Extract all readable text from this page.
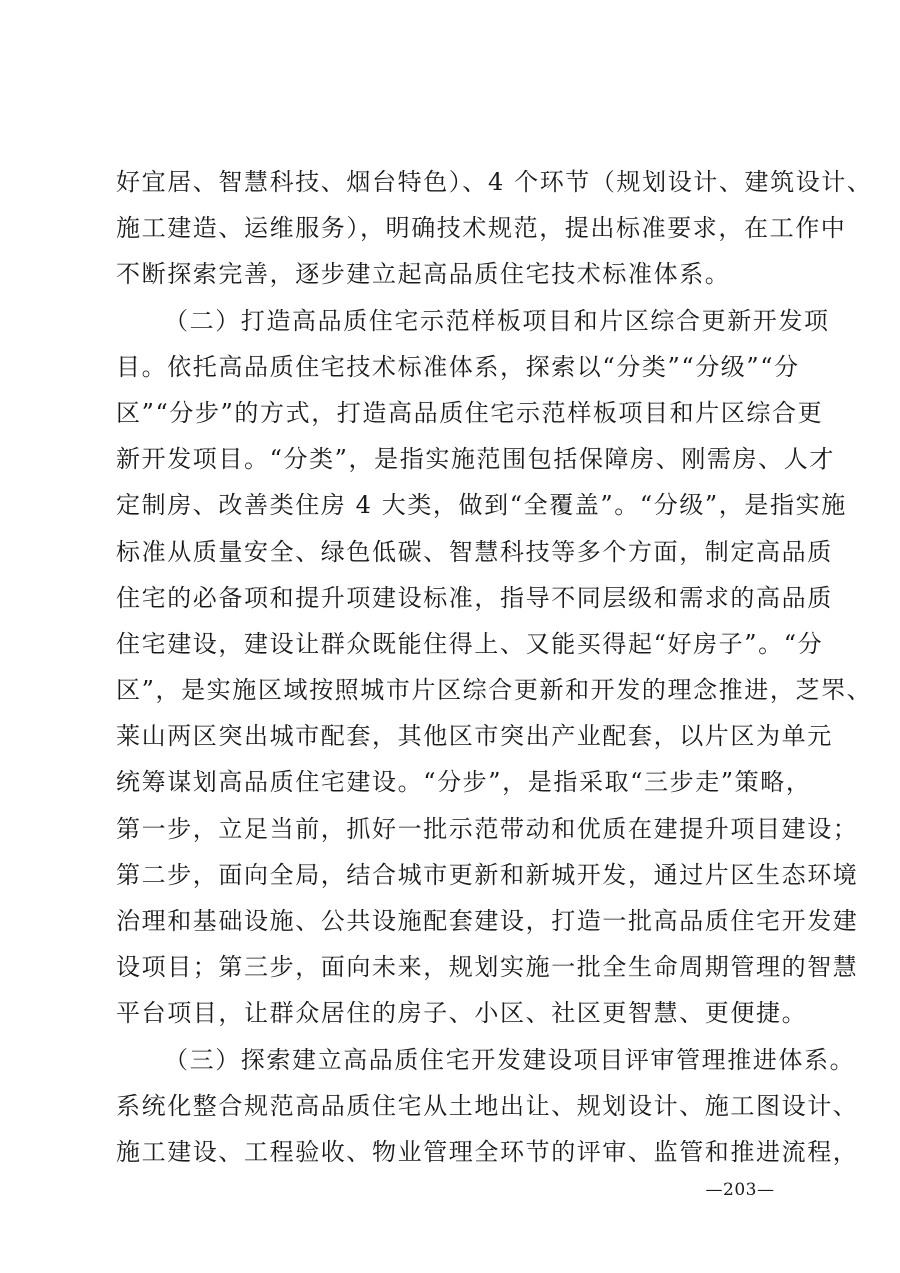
好宜居、智慧科技、烟台特色）、4 个环节（规划设计、建筑设计、
施工建造、运维服务），明确技术规范，提出标准要求，在工作中
不断探索完善，逐步建立起高品质住宅技术标准体系。
（二）打造高品质住宅示范样板项目和片区综合更新开发项
目。依托高品质住宅技术标准体系，探索以“分类”“分级”“分
区”“分步”的方式，打造高品质住宅示范样板项目和片区综合更
新开发项目。“分类”，是指实施范围包括保障房、刚需房、人才
定制房、改善类住房 4 大类，做到“全覆盖”。“分级”，是指实施
标准从质量安全、绿色低碳、智慧科技等多个方面，制定高品质
住宅的必备项和提升项建设标准，指导不同层级和需求的高品质
住宅建设，建设让群众既能住得上、又能买得起“好房子”。“分
区”，是实施区域按照城市片区综合更新和开发的理念推进，芝罘、
莱山两区突出城市配套，其他区市突出产业配套，以片区为单元
统筹谋划高品质住宅建设。“分步”，是指采取“三步走”策略，
第一步，立足当前，抓好一批示范带动和优质在建提升项目建设；
第二步，面向全局，结合城市更新和新城开发，通过片区生态环境
治理和基础设施、公共设施配套建设，打造一批高品质住宅开发建
设项目；第三步，面向未来，规划实施一批全生命周期管理的智慧
平台项目，让群众居住的房子、小区、社区更智慧、更便捷。
（三）探索建立高品质住宅开发建设项目评审管理推进体系。
系统化整合规范高品质住宅从土地出让、规划设计、施工图设计、
施工建设、工程验收、物业管理全环节的评审、监管和推进流程，
—203—
